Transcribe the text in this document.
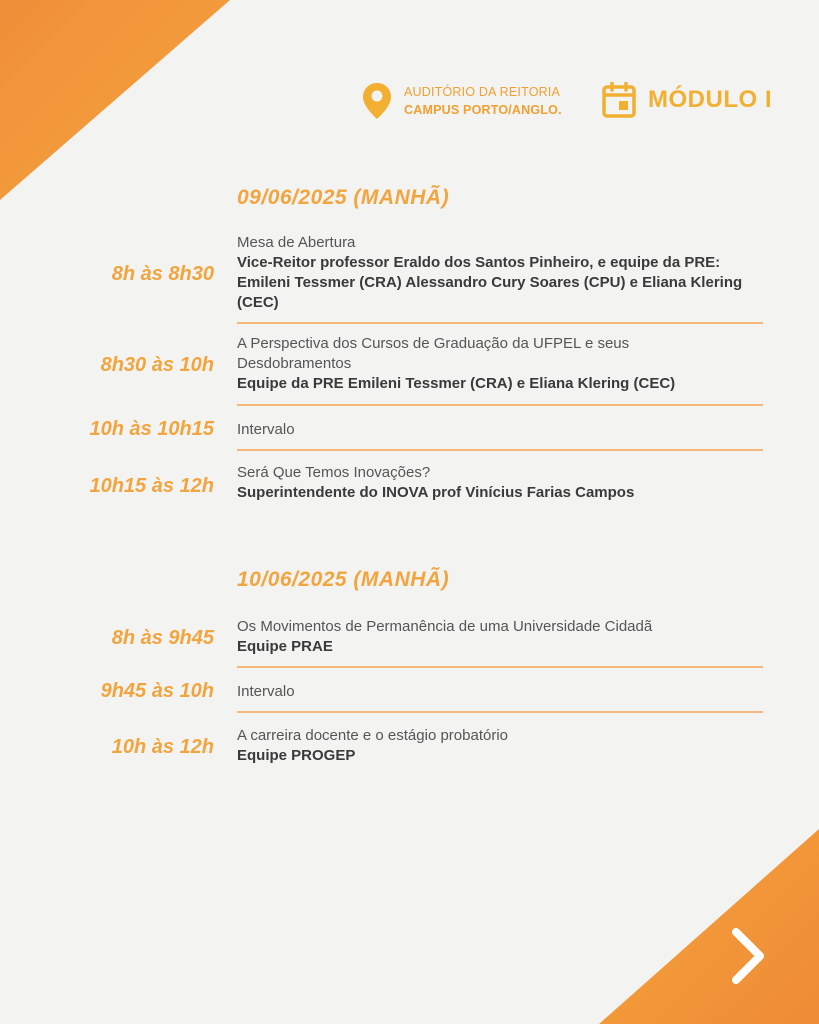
AUDITÓRIO DA REITORIA
CAMPUS PORTO/ANGLO.	MÓDULO I
09/06/2025 (MANHÃ)
8h às 8h30
Mesa de Abertura
Vice-Reitor professor Eraldo dos Santos Pinheiro, e equipe da PRE: Emileni Tessmer (CRA) Alessandro Cury Soares (CPU) e Eliana Klering (CEC)
8h30 às 10h
A Perspectiva dos Cursos de Graduação da UFPEL e seus Desdobramentos
Equipe da PRE Emileni Tessmer (CRA) e Eliana Klering (CEC)
10h às 10h15 Intervalo
10h15 às 12h
Será Que Temos Inovações?
Superintendente do INOVA prof Vinícius Farias Campos
10/06/2025 (MANHÃ)
8h às 9h45
Os Movimentos de Permanência de uma Universidade Cidadã
Equipe PRAE
9h45 às 10h Intervalo
10h às 12h
A carreira docente e o estágio probatório
Equipe PROGEP
